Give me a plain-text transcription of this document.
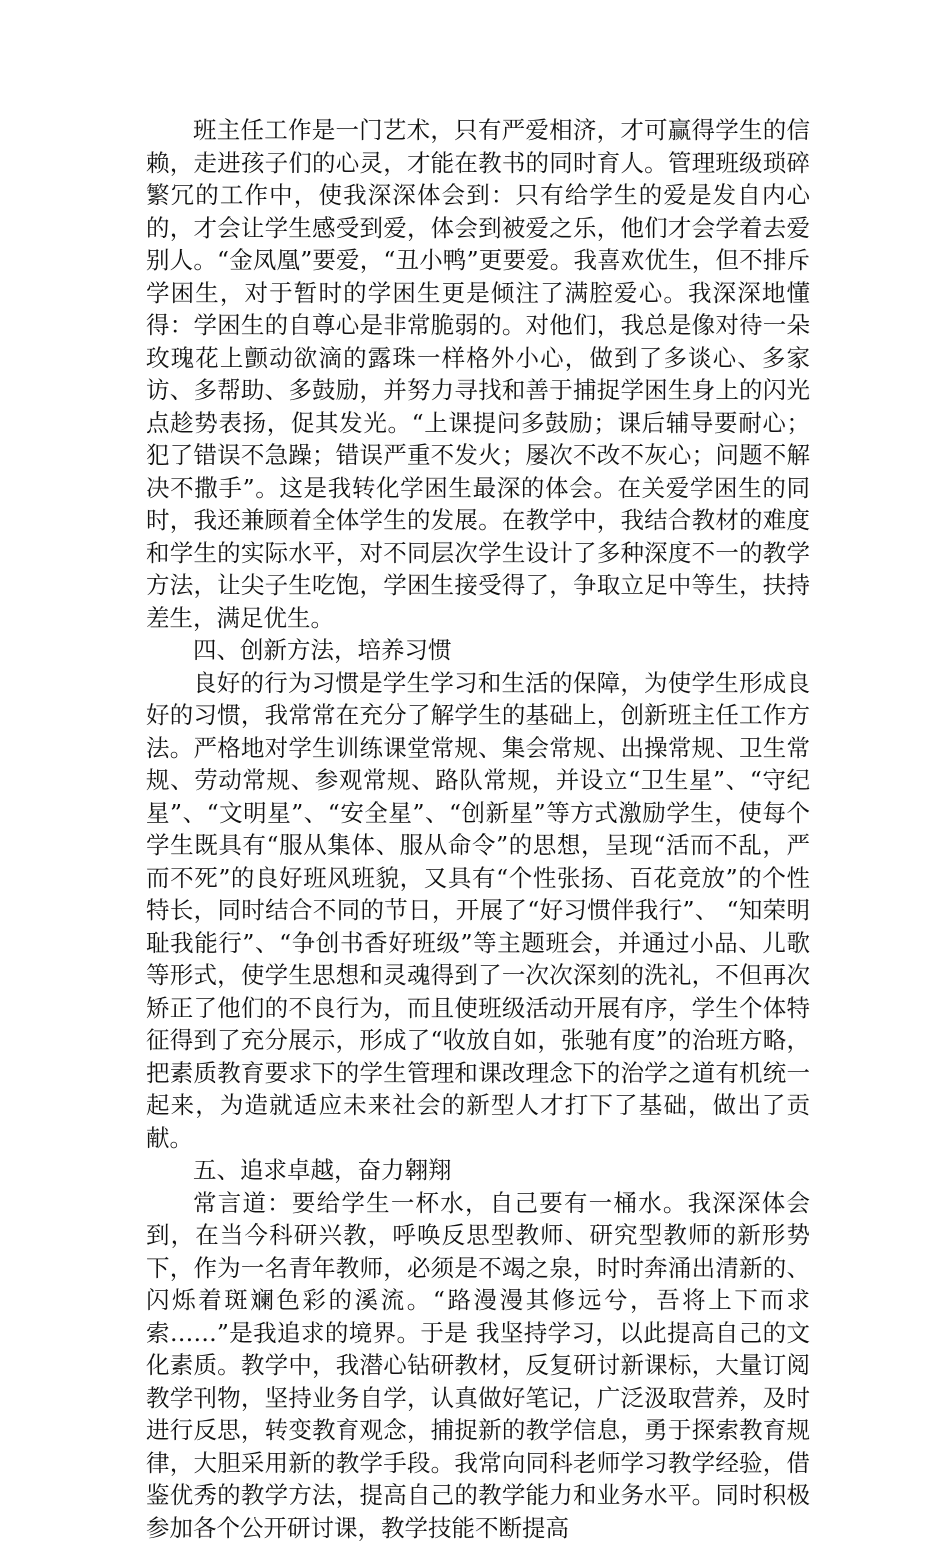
班主任工作是一门艺术，只有严爱相济，才可赢得学生的信赖，走进孩子们的心灵，才能在教书的同时育人。管理班级琐碎繁冗的工作中，使我深深体会到：只有给学生的爱是发自内心的，才会让学生感受到爱，体会到被爱之乐，他们才会学着去爱别人。“金凤凰”要爱，“丑小鸭”更要爱。我喜欢优生，但不排斥学困生，对于暂时的学困生更是倾注了满腔爱心。我深深地懂得：学困生的自尊心是非常脆弱的。对他们，我总是像对待一朵玫瑰花上颤动欲滴的露珠一样格外小心，做到了多谈心、多家访、多帮助、多鼓励，并努力寻找和善于捕捉学困生身上的闪光点趁势表扬，促其发光。“上课提问多鼓励；课后辅导要耐心；犯了错误不急躁；错误严重不发火；屡次不改不灰心；问题不解决不撒手”。这是我转化学困生最深的体会。在关爱学困生的同时，我还兼顾着全体学生的发展。在教学中，我结合教材的难度和学生的实际水平，对不同层次学生设计了多种深度不一的教学方法，让尖子生吃饱，学困生接受得了，争取立足中等生，扶持差生，满足优生。

四、创新方法，培养习惯

良好的行为习惯是学生学习和生活的保障，为使学生形成良好的习惯，我常常在充分了解学生的基础上，创新班主任工作方法。严格地对学生训练课堂常规、集会常规、出操常规、卫生常规、劳动常规、参观常规、路队常规，并设立“卫生星”、“守纪星”、“文明星”、“安全星”、“创新星”等方式激励学生，使每个学生既具有“服从集体、服从命令”的思想，呈现“活而不乱，严而不死”的良好班风班貌，又具有“个性张扬、百花竞放”的个性特长，同时结合不同的节日，开展了“好习惯伴我行”、 “知荣明耻我能行”、“争创书香好班级”等主题班会，并通过小品、儿歌等形式，使学生思想和灵魂得到了一次次深刻的洗礼，不但再次矫正了他们的不良行为，而且使班级活动开展有序，学生个体特征得到了充分展示，形成了“收放自如，张驰有度”的治班方略，把素质教育要求下的学生管理和课改理念下的治学之道有机统一起来，为造就适应未来社会的新型人才打下了基础，做出了贡献。

五、追求卓越，奋力翱翔

常言道：要给学生一杯水，自己要有一桶水。我深深体会到，在当今科研兴教，呼唤反思型教师、研究型教师的新形势下，作为一名青年教师，必须是不竭之泉，时时奔涌出清新的、闪烁着斑斓色彩的溪流。“路漫漫其修远兮，吾将上下而求索……”是我追求的境界。于是 我坚持学习，以此提高自己的文化素质。教学中，我潜心钻研教材，反复研讨新课标，大量订阅教学刊物，坚持业务自学，认真做好笔记，广泛汲取营养，及时进行反思，转变教育观念，捕捉新的教学信息，勇于探索教育规律，大胆采用新的教学手段。我常向同科老师学习教学经验，借鉴优秀的教学方法，提高自己的教学能力和业务水平。同时积极参加各个公开研讨课，教学技能不断提高
